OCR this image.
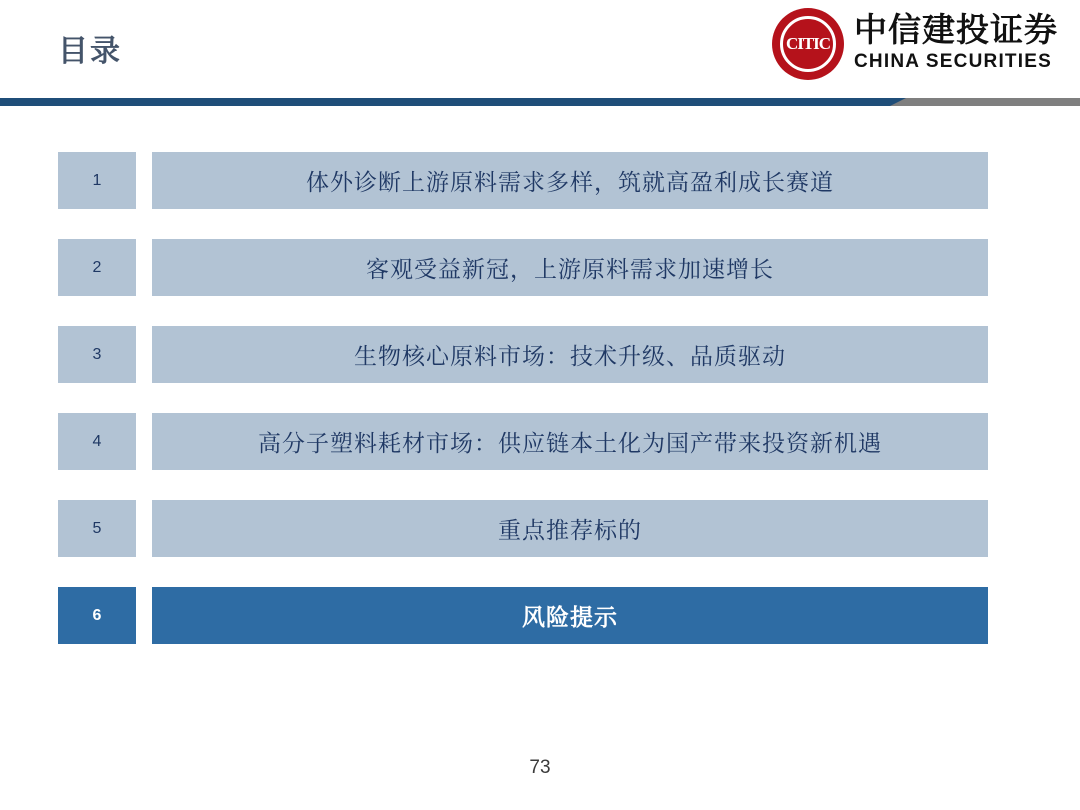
目录	CITIC 中信建投证券
CHINA SECURITIES
1	体外诊断上游原料需求多样，筑就高盈利成长赛道
2	客观受益新冠，上游原料需求加速增长
3	生物核心原料市场：技术升级、品质驱动
4	高分子塑料耗材市场：供应链本土化为国产带来投资新机遇
5	重点推荐标的
6	风险提示
73
